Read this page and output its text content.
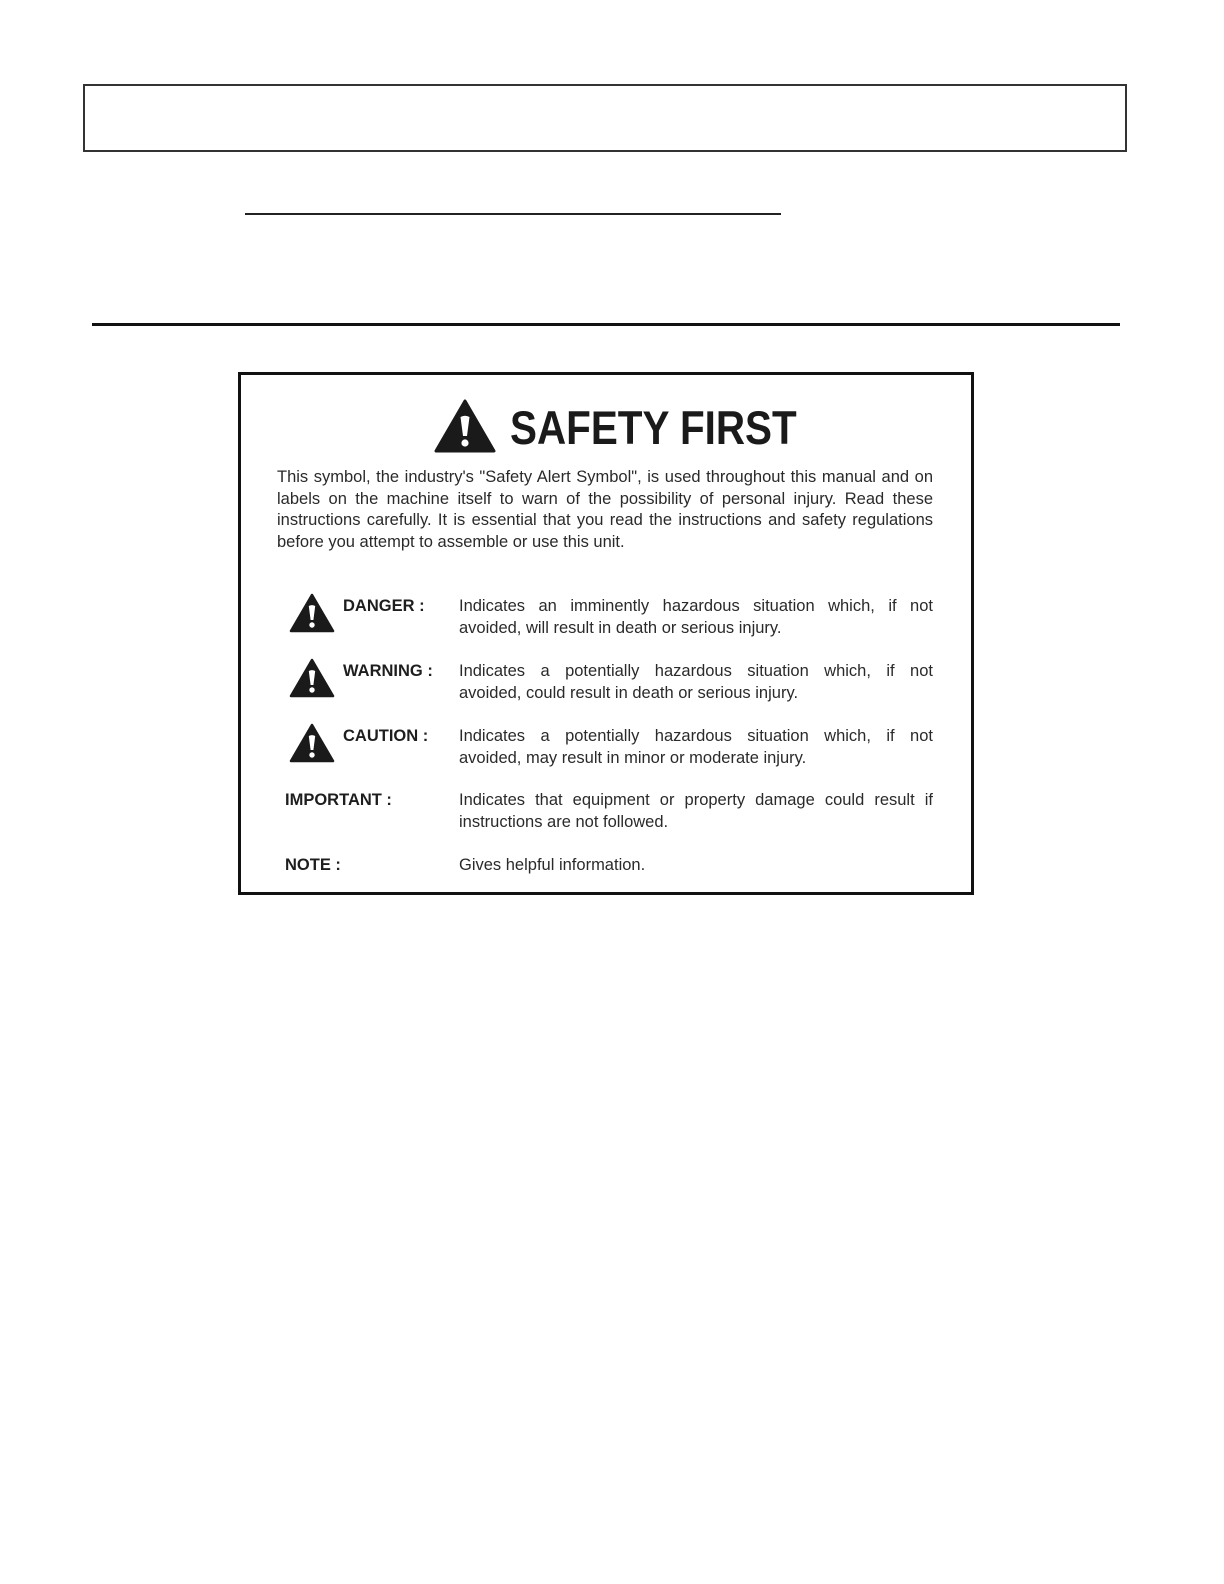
SAFETY FIRST

This symbol, the industry's "Safety Alert Symbol", is used throughout this manual and on labels on the machine itself to warn of the possibility of personal injury. Read these instructions carefully. It is essential that you read the instructions and safety regulations before you attempt to assemble or use this unit.

DANGER : Indicates an imminently hazardous situation which, if not
avoided, will result in death or serious injury.

WARNING : Indicates a potentially hazardous situation which, if not
avoided, could result in death or serious injury.

CAUTION : Indicates a potentially hazardous situation which, if not
avoided, may result in minor or moderate injury.

IMPORTANT :	Indicates that equipment or property damage could result if
instructions are not followed.

NOTE :	Gives helpful information.
